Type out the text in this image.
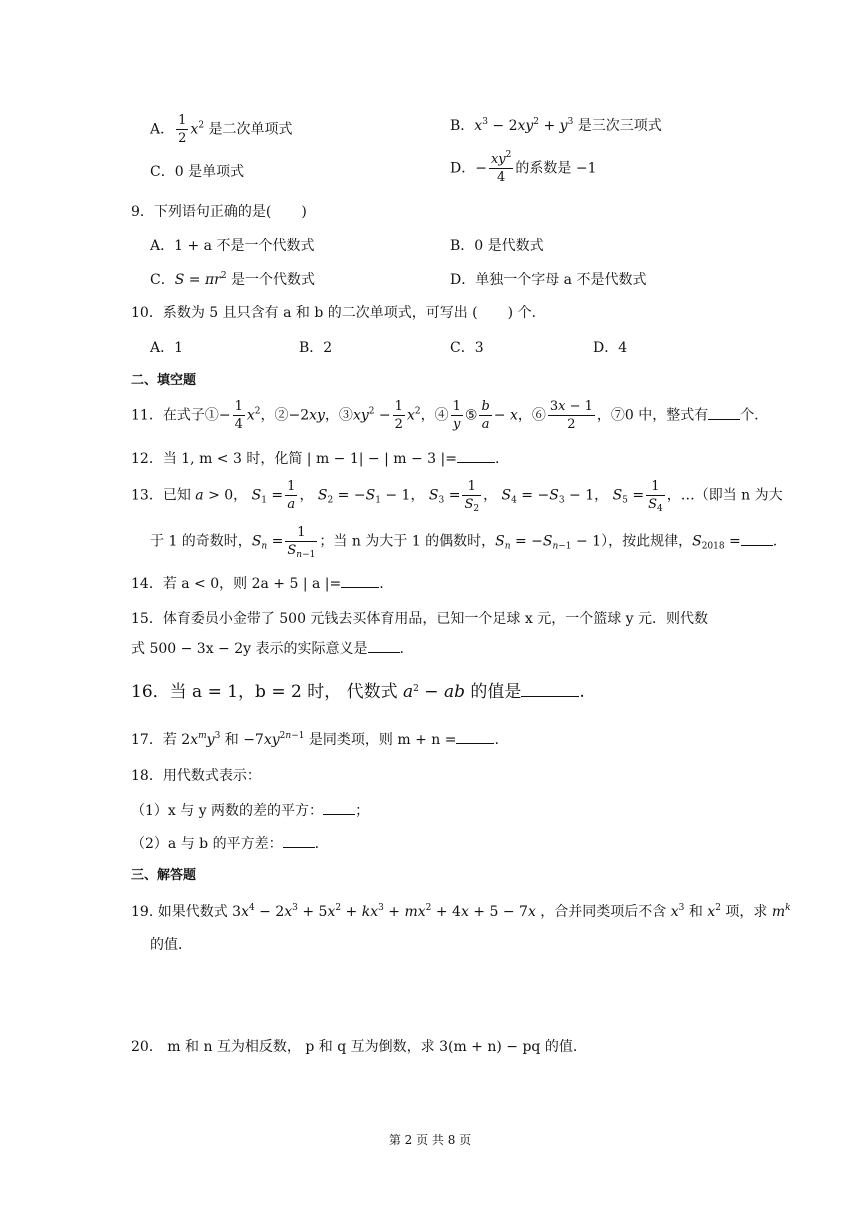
A． $\frac{1}{2} x^2$ 是二次单项式	B．$x^3 - 2xy^2 + y^3$ 是三次三项式
C．0 是单项式	D．− $\frac{xy^2}{4}$ 的系数是 −1
9．下列语句正确的是( )
A．1 + a 不是一个代数式	B．0 是代数式
C．$S = \pi r^2$ 是一个代数式	D．单独一个字母 a 不是代数式
10．系数为 5 且只含有 a 和 b 的二次单项式，可写出 ( ) 个．
A．1	B．2	C．3	D．4
二、填空题
11．在式子①− $\frac{1}{4} x^2$，②−2xy，$③xy^2 - \frac{1}{2} x^2$，④ $\frac{1}{y}$ ⑤ $\frac{b}{a} - x$，⑥ $\frac{3x - 1}{2}$ ，⑦0 中，整式有 个．
12．当 1, m < 3 时，化简 | m − 1| − | m − 3 |=	.
13．已知 a > 0， $S_1 = \frac{1}{a}$ ， $S_2 = -S_1 - 1$， $S_3 = \frac{1}{S_2}$ ， $S_4 = -S_3 - 1$， $S_5 = \frac{1}{S_4}$ ，…（即当 n 为大
于 1 的奇数时，$S_n = \frac{1}{S_{n-1}}$ ；当 n 为大于 1 的偶数时，$S_n = -S_{n-1} - 1$），按此规律，$S_{2018}$ = .
14．若 a < 0，则 2a + 5 | a |=	.
15．体育委员小金带了 500 元钱去买体育用品，已知一个足球 x 元，一个篮球 y 元．则代数
式 500 − 3x − 2y 表示的实际意义是 .
16．当 a = 1，b = 2 时， 代数式 $a^2$ − ab 的值是	.
17．若 $2x^my^3$ 和 $-7xy^{2n-1}$ 是同类项，则 m + n =	.
18．用代数式表示：
（1）x 与 y 两数的差的平方： ；
（2）a 与 b 的平方差： .
三、解答题
19. 如果代数式 $3x^4 - 2x^3 + 5x^2 + kx^3 + mx^2 + 4x + 5 - 7x$ ，合并同类项后不含 $x^3$ 和 $x^2$ 项，求 $m^k$
的值．
20． m 和 n 互为相反数， p 和 q 互为倒数，求 3(m + n) − pq 的值．
第 2 页 共 8 页
